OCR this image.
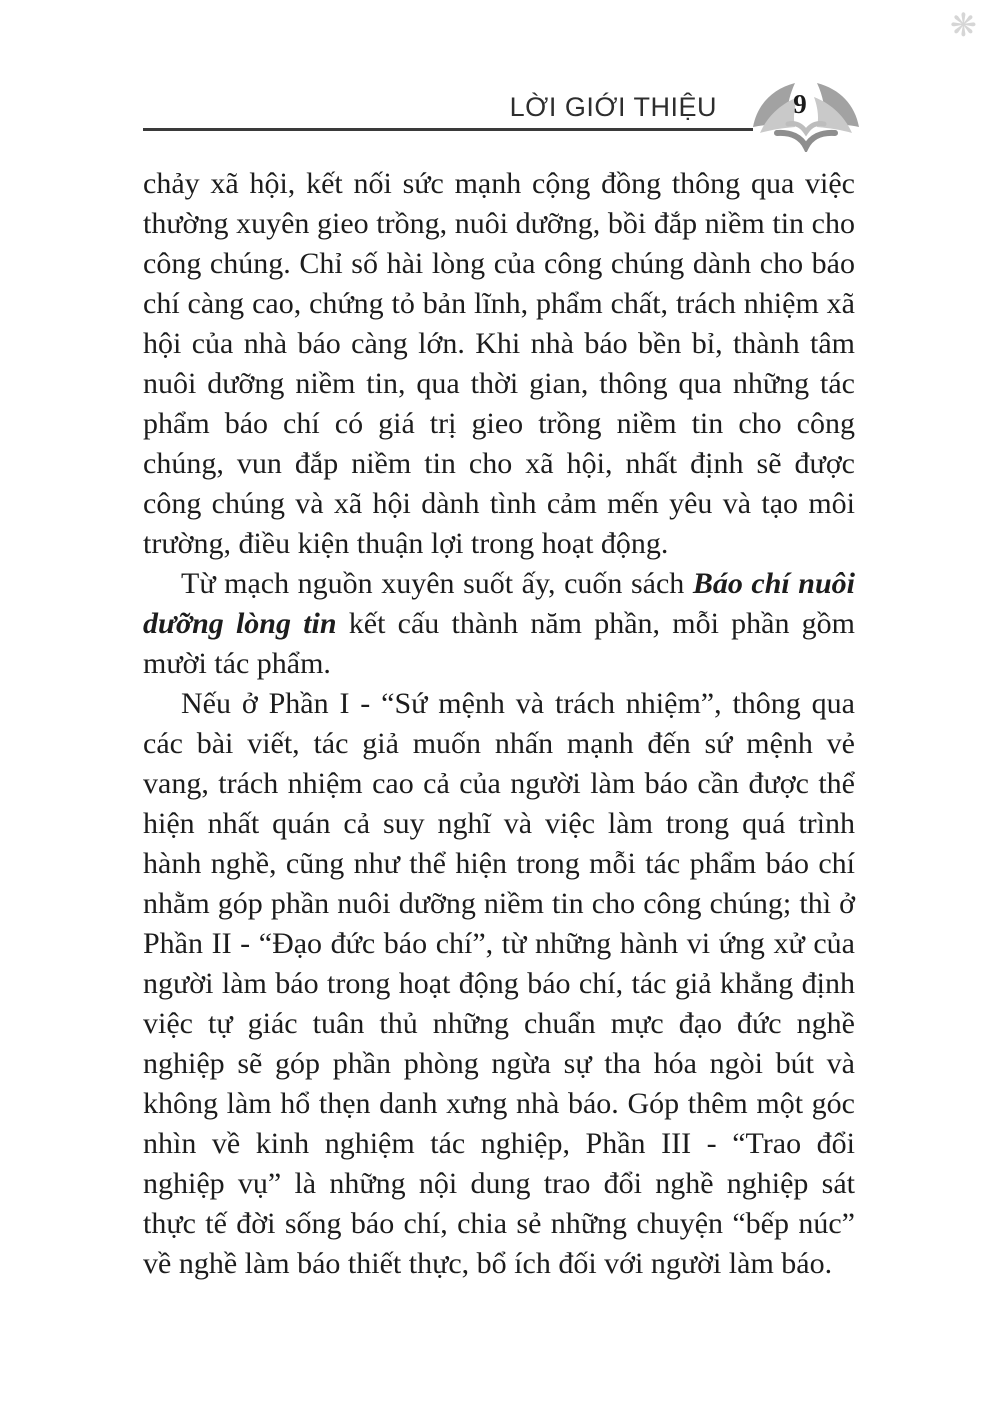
❋
LỜI GIỚI THIỆU	9

chảy xã hội, kết nối sức mạnh cộng đồng thông qua việc thường xuyên gieo trồng, nuôi dưỡng, bồi đắp niềm tin cho công chúng. Chỉ số hài lòng của công chúng dành cho báo chí càng cao, chứng tỏ bản lĩnh, phẩm chất, trách nhiệm xã hội của nhà báo càng lớn. Khi nhà báo bền bỉ, thành tâm nuôi dưỡng niềm tin, qua thời gian, thông qua những tác phẩm báo chí có giá trị gieo trồng niềm tin cho công chúng, vun đắp niềm tin cho xã hội, nhất định sẽ được công chúng và xã hội dành tình cảm mến yêu và tạo môi trường, điều kiện thuận lợi trong hoạt động.

Từ mạch nguồn xuyên suốt ấy, cuốn sách Báo chí nuôi dưỡng lòng tin kết cấu thành năm phần, mỗi phần gồm mười tác phẩm.

Nếu ở Phần I - “Sứ mệnh và trách nhiệm”, thông qua các bài viết, tác giả muốn nhấn mạnh đến sứ mệnh vẻ vang, trách nhiệm cao cả của người làm báo cần được thể hiện nhất quán cả suy nghĩ và việc làm trong quá trình hành nghề, cũng như thể hiện trong mỗi tác phẩm báo chí nhằm góp phần nuôi dưỡng niềm tin cho công chúng; thì ở Phần II - “Đạo đức báo chí”, từ những hành vi ứng xử của người làm báo trong hoạt động báo chí, tác giả khẳng định việc tự giác tuân thủ những chuẩn mực đạo đức nghề nghiệp sẽ góp phần phòng ngừa sự tha hóa ngòi bút và không làm hổ thẹn danh xưng nhà báo. Góp thêm một góc nhìn về kinh nghiệm tác nghiệp, Phần III - “Trao đổi nghiệp vụ” là những nội dung trao đổi nghề nghiệp sát thực tế đời sống báo chí, chia sẻ những chuyện “bếp núc” về nghề làm báo thiết thực, bổ ích đối với người làm báo.
